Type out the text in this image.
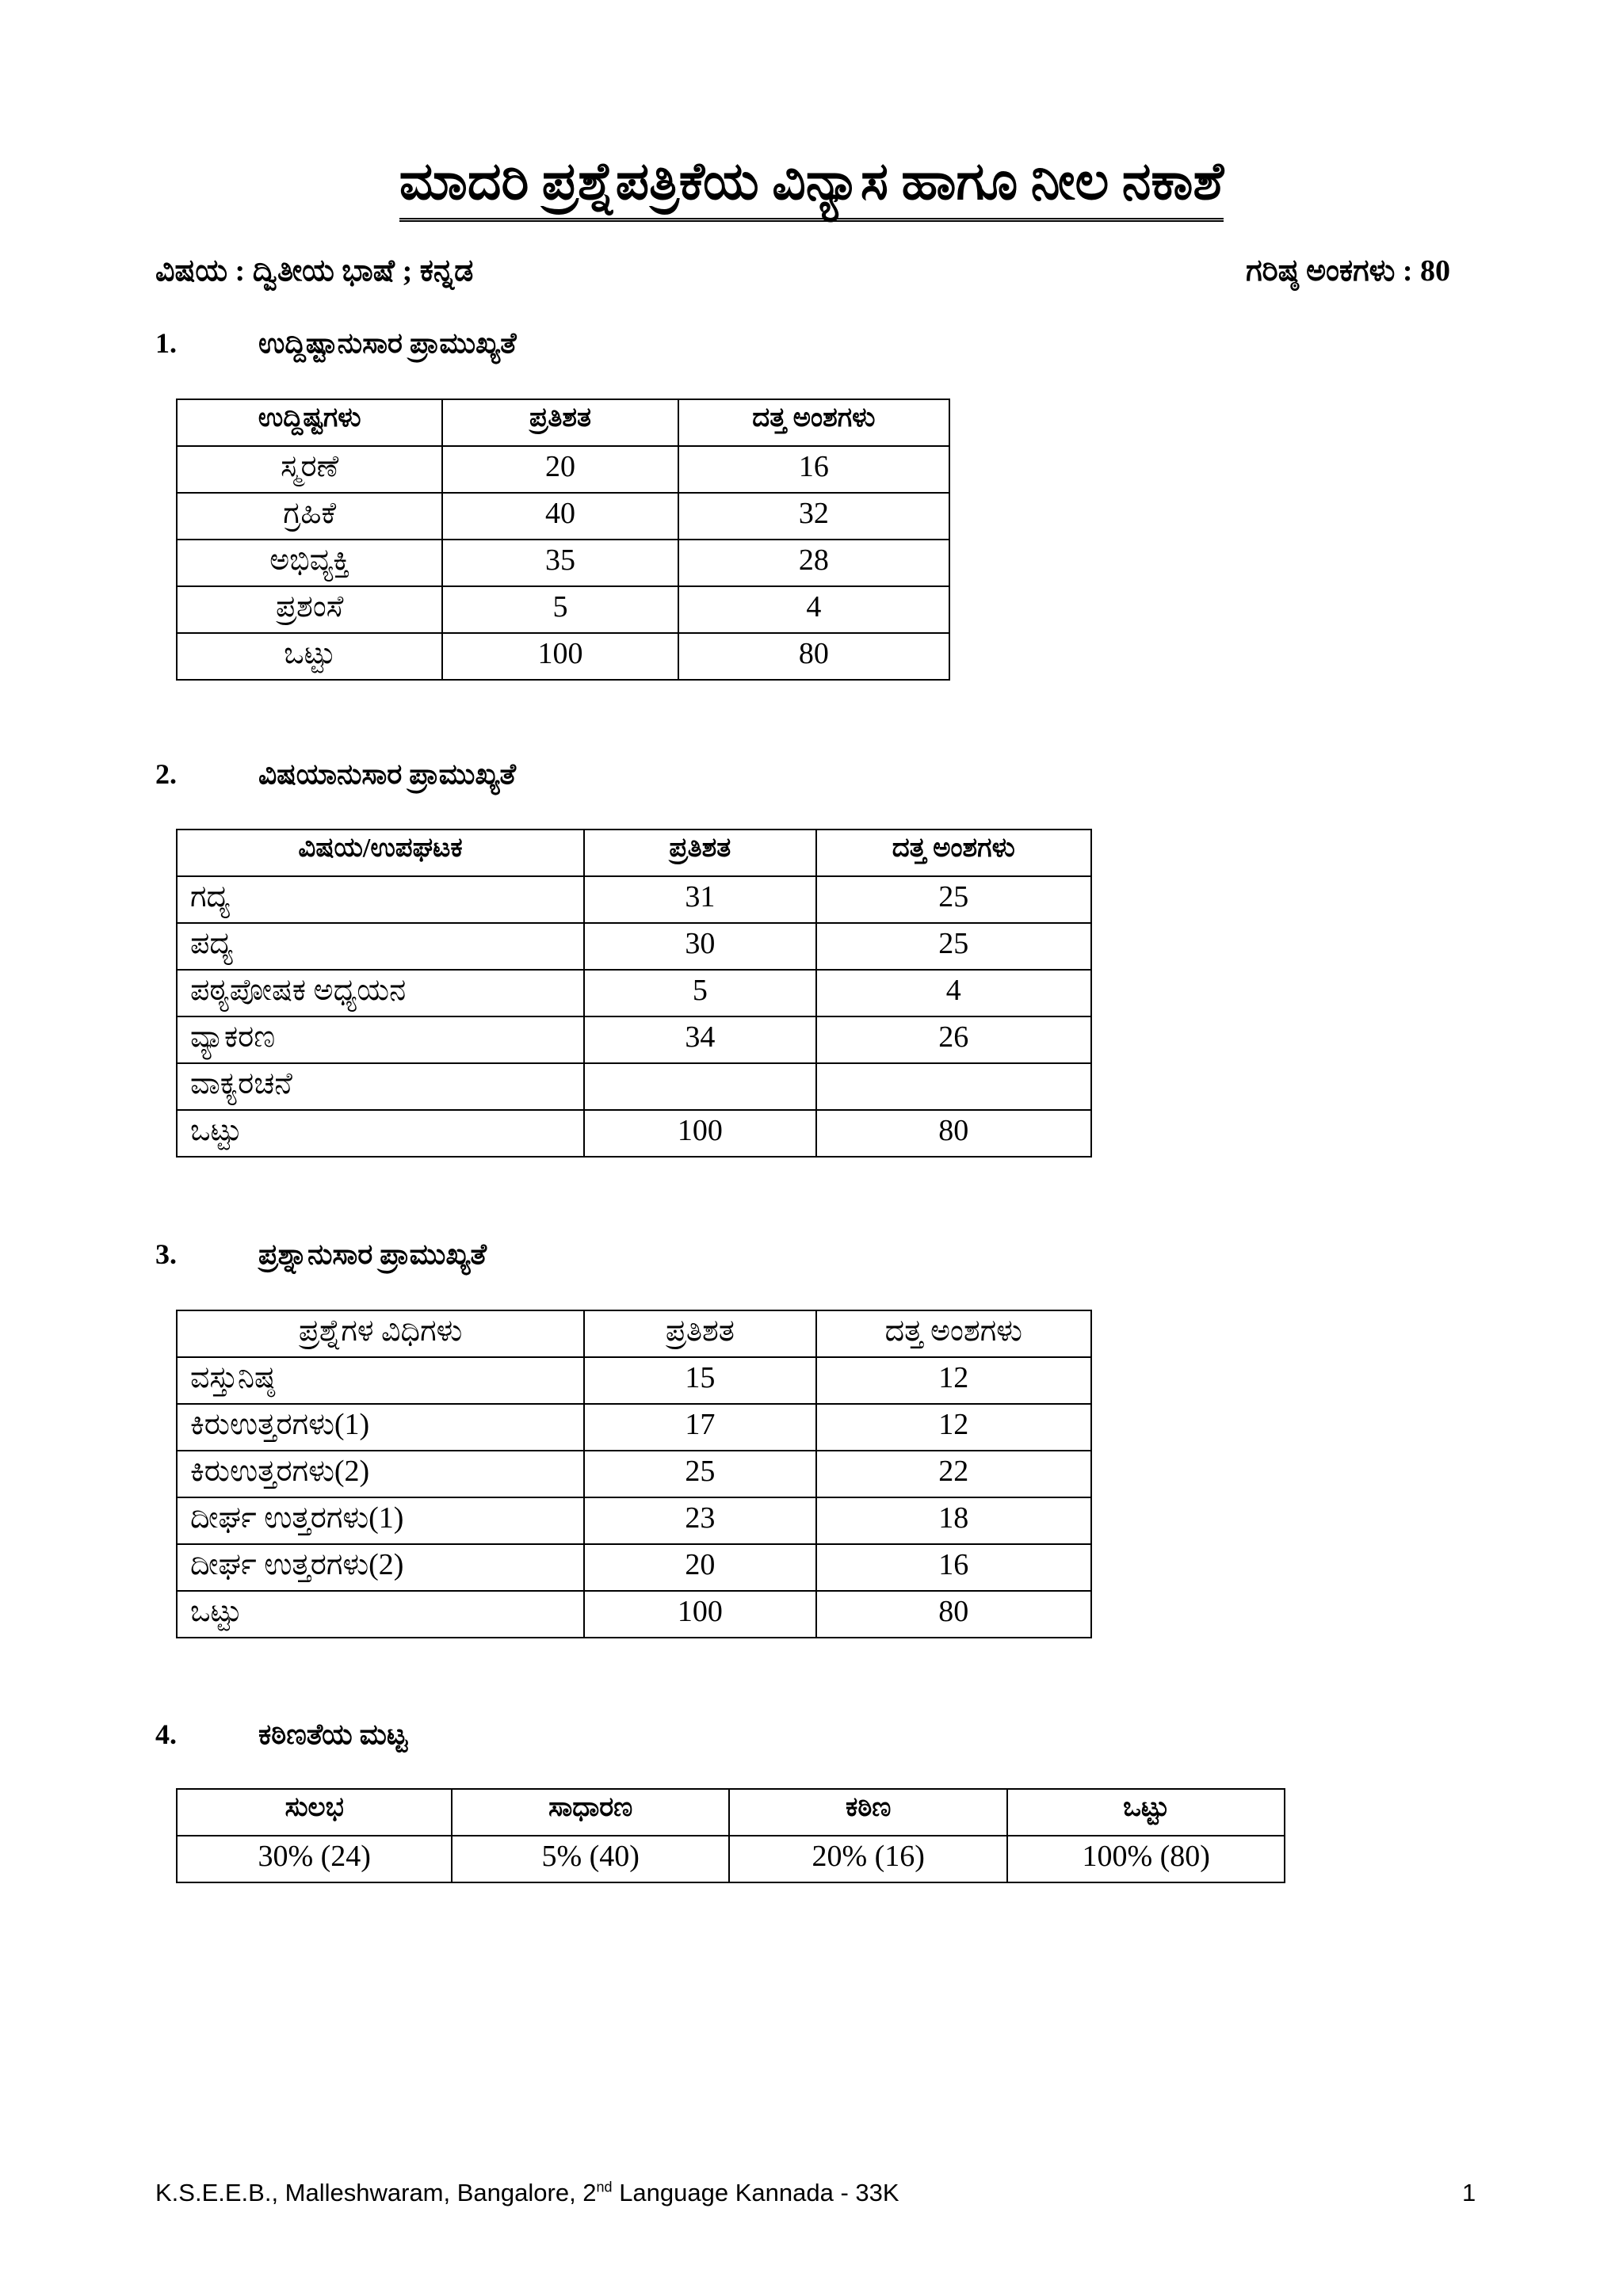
ಮಾದರಿ ಪ್ರಶ್ನೆಪತ್ರಿಕೆಯ ವಿನ್ಯಾಸ ಹಾಗೂ ನೀಲ ನಕಾಶೆ
ವಿಷಯ : ದ್ವಿತೀಯ ಭಾಷೆ ; ಕನ್ನಡ	ಗರಿಷ್ಠ ಅಂಕಗಳು : 80
1.	ಉದ್ದಿಷ್ಟಾನುಸಾರ ಪ್ರಾಮುಖ್ಯತೆ
ಉದ್ದಿಷ್ಟಗಳು	ಪ್ರತಿಶತ	ದತ್ತ ಅಂಶಗಳು
ಸ್ಮರಣೆ	20	16
ಗ್ರಹಿಕೆ	40	32
ಅಭಿವ್ಯಕ್ತಿ	35	28
ಪ್ರಶಂಸೆ	5	4
ಒಟ್ಟು	100	80
2.	ವಿಷಯಾನುಸಾರ ಪ್ರಾಮುಖ್ಯತೆ
ವಿಷಯ/ಉಪಘಟಕ	ಪ್ರತಿಶತ	ದತ್ತ ಅಂಶಗಳು
ಗದ್ಯ	31	25
ಪದ್ಯ	30	25
ಪಠ್ಯಪೋಷಕ ಅಧ್ಯಯನ	5	4
ವ್ಯಾಕರಣ	34	26
ವಾಕ್ಯರಚನೆ		
ಒಟ್ಟು	100	80
3.	ಪ್ರಶ್ನಾನುಸಾರ ಪ್ರಾಮುಖ್ಯತೆ
ಪ್ರಶ್ನೆಗಳ ವಿಧಿಗಳು	ಪ್ರತಿಶತ	ದತ್ತ ಅಂಶಗಳು
ವಸ್ತುನಿಷ್ಠ	15	12
ಕಿರುಉತ್ತರಗಳು(1)	17	12
ಕಿರುಉತ್ತರಗಳು(2)	25	22
ದೀರ್ಘ ಉತ್ತರಗಳು(1)	23	18
ದೀರ್ಘ ಉತ್ತರಗಳು(2)	20	16
ಒಟ್ಟು	100	80
4.	ಕಠಿಣತೆಯ ಮಟ್ಟ
ಸುಲಭ	ಸಾಧಾರಣ	ಕಠಿಣ	ಒಟ್ಟು
30% (24)	5% (40)	20% (16)	100% (80)
K.S.E.E.B., Malleshwaram, Bangalore, 2nd Language Kannada - 33K	1
